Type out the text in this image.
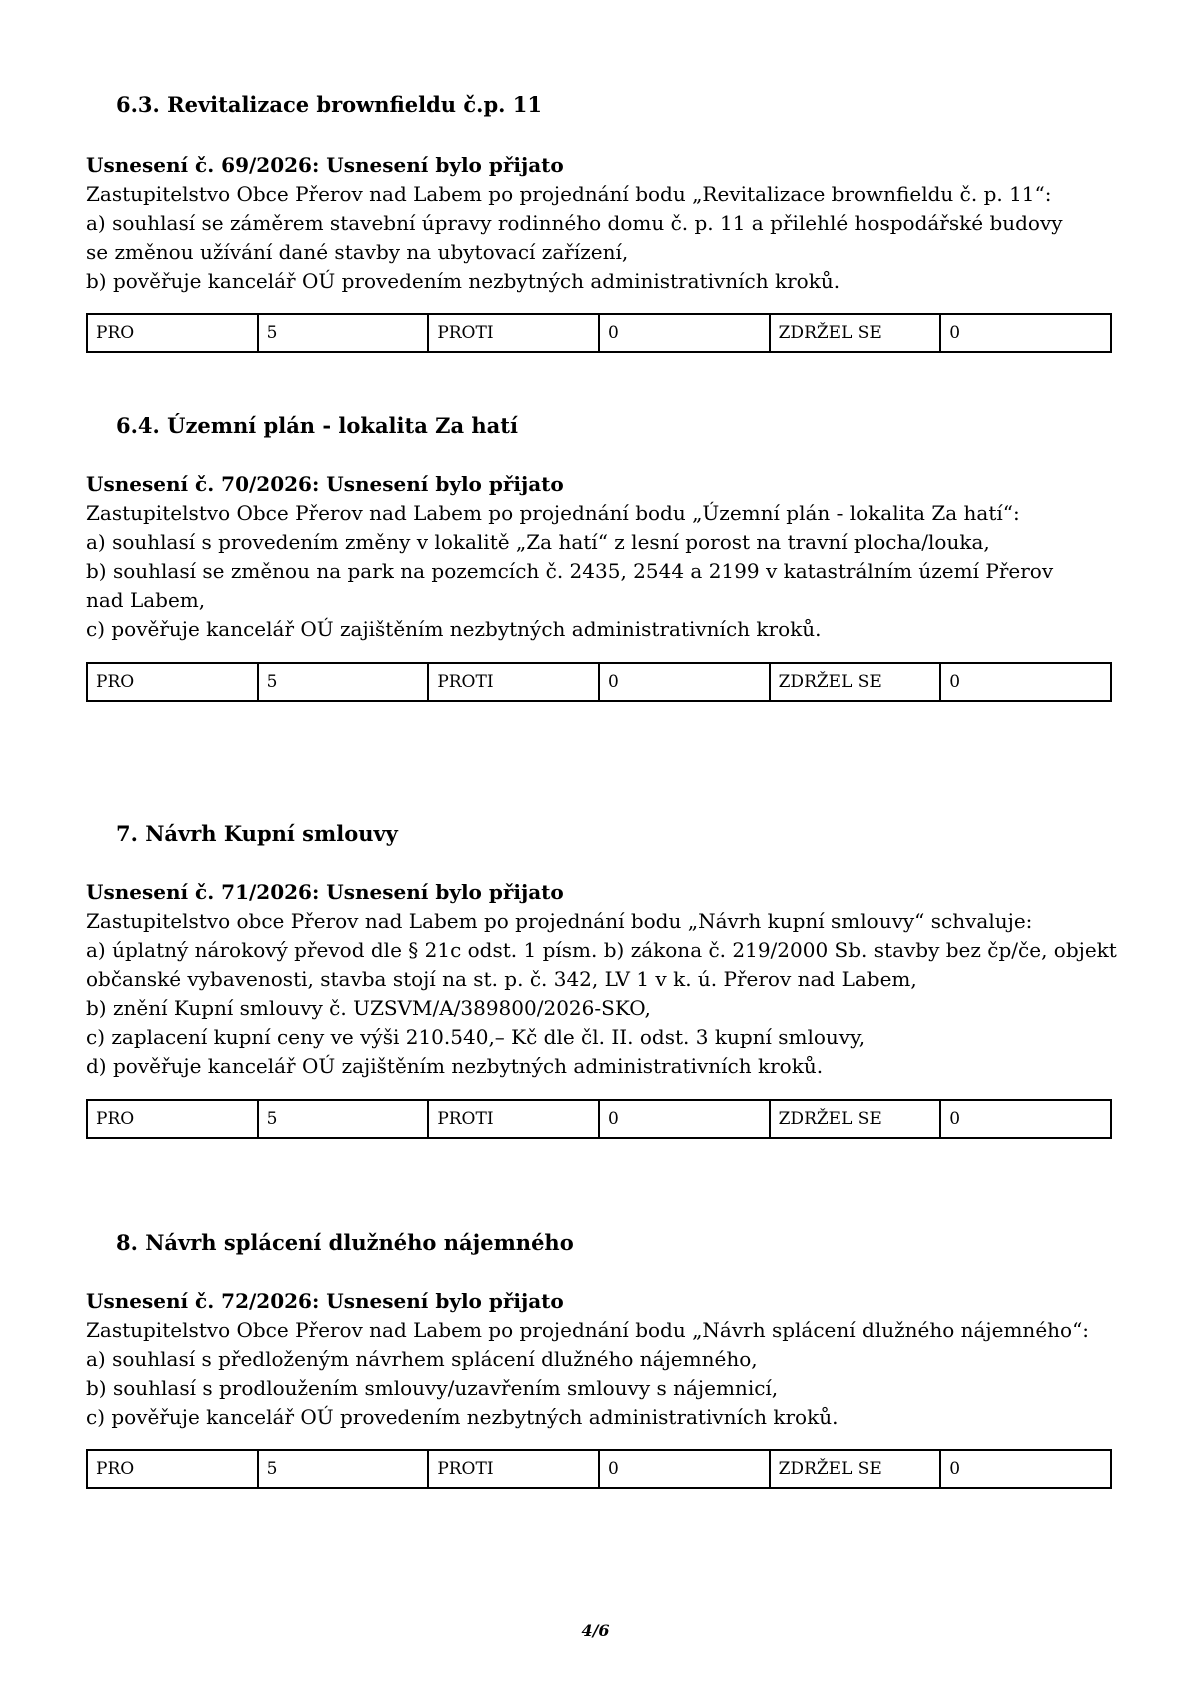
6.3. Revitalizace brownfieldu č.p. 11
Usnesení č. 69/2026: Usnesení bylo přijato
Zastupitelstvo Obce Přerov nad Labem po projednání bodu „Revitalizace brownfieldu č. p. 11“:
a) souhlasí se záměrem stavební úpravy rodinného domu č. p. 11 a přilehlé hospodářské budovy
se změnou užívání dané stavby na ubytovací zařízení,
b) pověřuje kancelář OÚ provedením nezbytných administrativních kroků.
PRO	5	PROTI	0	ZDRŽEL SE	0
6.4. Územní plán - lokalita Za hatí
Usnesení č. 70/2026: Usnesení bylo přijato
Zastupitelstvo Obce Přerov nad Labem po projednání bodu „Územní plán - lokalita Za hatí“:
a) souhlasí s provedením změny v lokalitě „Za hatí“ z lesní porost na travní plocha/louka,
b) souhlasí se změnou na park na pozemcích č. 2435, 2544 a 2199 v katastrálním území Přerov
nad Labem,
c) pověřuje kancelář OÚ zajištěním nezbytných administrativních kroků.
PRO	5	PROTI	0	ZDRŽEL SE	0
7. Návrh Kupní smlouvy
Usnesení č. 71/2026: Usnesení bylo přijato
Zastupitelstvo obce Přerov nad Labem po projednání bodu „Návrh kupní smlouvy“ schvaluje:
a) úplatný nárokový převod dle § 21c odst. 1 písm. b) zákona č. 219/2000 Sb. stavby bez čp/če, objekt
občanské vybavenosti, stavba stojí na st. p. č. 342, LV 1 v k. ú. Přerov nad Labem,
b) znění Kupní smlouvy č. UZSVM/A/389800/2026-SKO,
c) zaplacení kupní ceny ve výši 210.540,– Kč dle čl. II. odst. 3 kupní smlouvy,
d) pověřuje kancelář OÚ zajištěním nezbytných administrativních kroků.
PRO	5	PROTI	0	ZDRŽEL SE	0
8. Návrh splácení dlužného nájemného
Usnesení č. 72/2026: Usnesení bylo přijato
Zastupitelstvo Obce Přerov nad Labem po projednání bodu „Návrh splácení dlužného nájemného“:
a) souhlasí s předloženým návrhem splácení dlužného nájemného,
b) souhlasí s prodloužením smlouvy/uzavřením smlouvy s nájemnicí,
c) pověřuje kancelář OÚ provedením nezbytných administrativních kroků.
PRO	5	PROTI	0	ZDRŽEL SE	0
4/6
